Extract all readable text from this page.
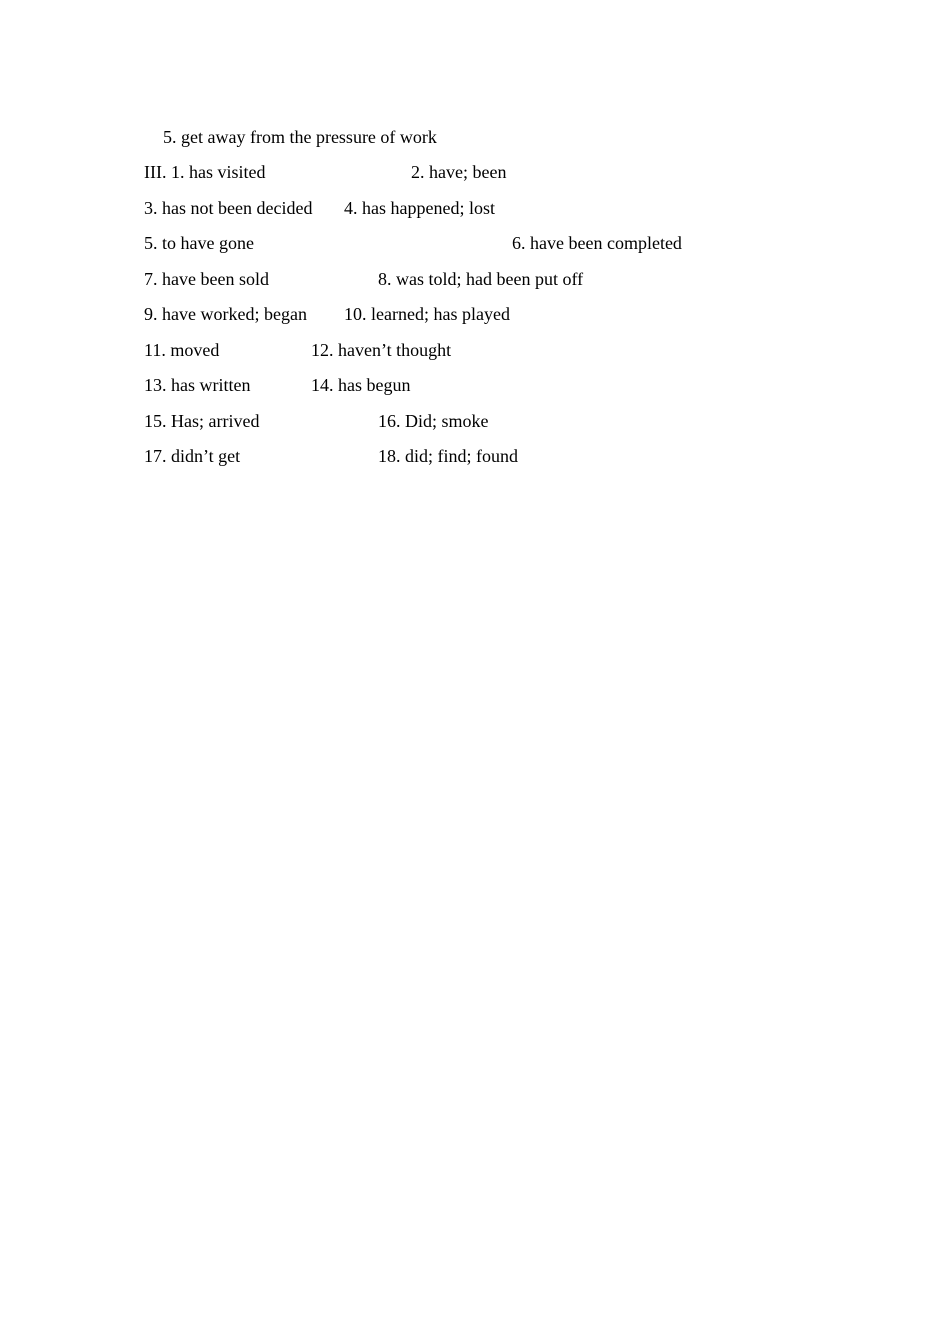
5. get away from the pressure of work
III. 1. has visited	2. have; been
3. has not been decided 4. has happened; lost
5. to have gone	6. have been completed
7. have been sold	8. was told; had been put off
9. have worked; began 10. learned; has played
11. moved	12. haven’t thought
13. has written	14. has begun
15. Has; arrived	16. Did; smoke
17. didn’t get	18. did; find; found
